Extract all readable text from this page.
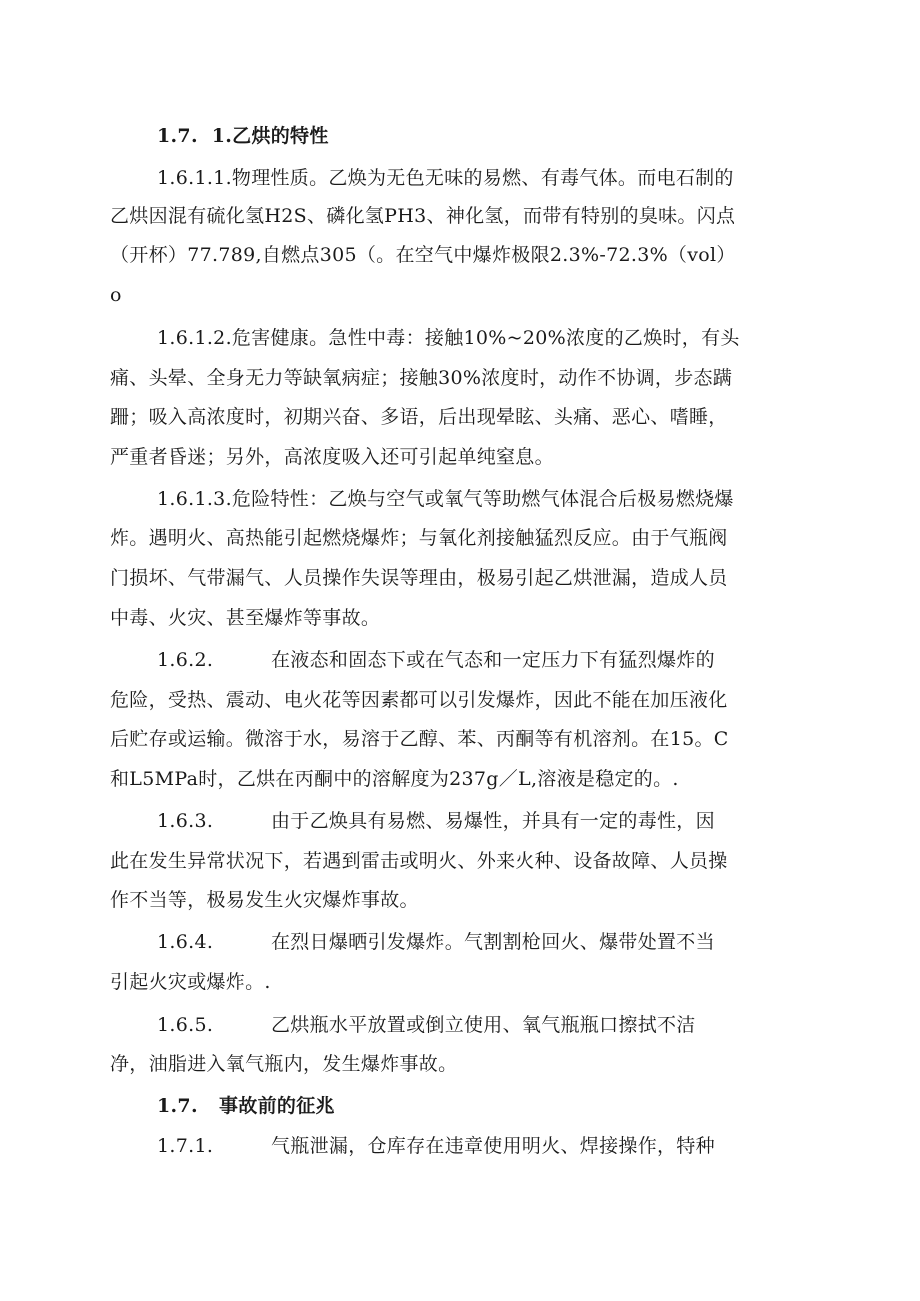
1.7.  1.乙烘的特性
1.6.1.1.物理性质。乙焕为无色无味的易燃、有毒气体。而电石制的
乙烘因混有硫化氢H2S、磷化氢PH3、神化氢，而带有特别的臭味。闪点
（开杯）77.789,自燃点305（。在空气中爆炸极限2.3%-72.3%（vol）
o
1.6.1.2.危害健康。急性中毒：接触10%~20%浓度的乙焕时，有头
痛、头晕、全身无力等缺氧病症；接触30%浓度时，动作不协调，步态蹒
跚；吸入高浓度时，初期兴奋、多语，后出现晕眩、头痛、恶心、嗜睡，
严重者昏迷；另外，高浓度吸入还可引起单纯窒息。
1.6.1.3.危险特性：乙焕与空气或氧气等助燃气体混合后极易燃烧爆
炸。遇明火、高热能引起燃烧爆炸；与氧化剂接触猛烈反应。由于气瓶阀
门损坏、气带漏气、人员操作失误等理由，极易引起乙烘泄漏，造成人员
中毒、火灾、甚至爆炸等事故。
1.6.2.	在液态和固态下或在气态和一定压力下有猛烈爆炸的
危险，受热、震动、电火花等因素都可以引发爆炸，因此不能在加压液化
后贮存或运输。微溶于水，易溶于乙醇、苯、丙酮等有机溶剂。在15。C
和L5MPa时，乙烘在丙酮中的溶解度为237g／L,溶液是稳定的。.
1.6.3.	由于乙焕具有易燃、易爆性，并具有一定的毒性，因
此在发生异常状况下，若遇到雷击或明火、外来火种、设备故障、人员操
作不当等，极易发生火灾爆炸事故。
1.6.4.	在烈日爆晒引发爆炸。气割割枪回火、爆带处置不当
引起火灾或爆炸。.
1.6.5.	乙烘瓶水平放置或倒立使用、氧气瓶瓶口擦拭不洁
净，油脂进入氧气瓶内，发生爆炸事故。
1.7. 事故前的征兆
1.7.1.	气瓶泄漏，仓库存在违章使用明火、焊接操作，特种
